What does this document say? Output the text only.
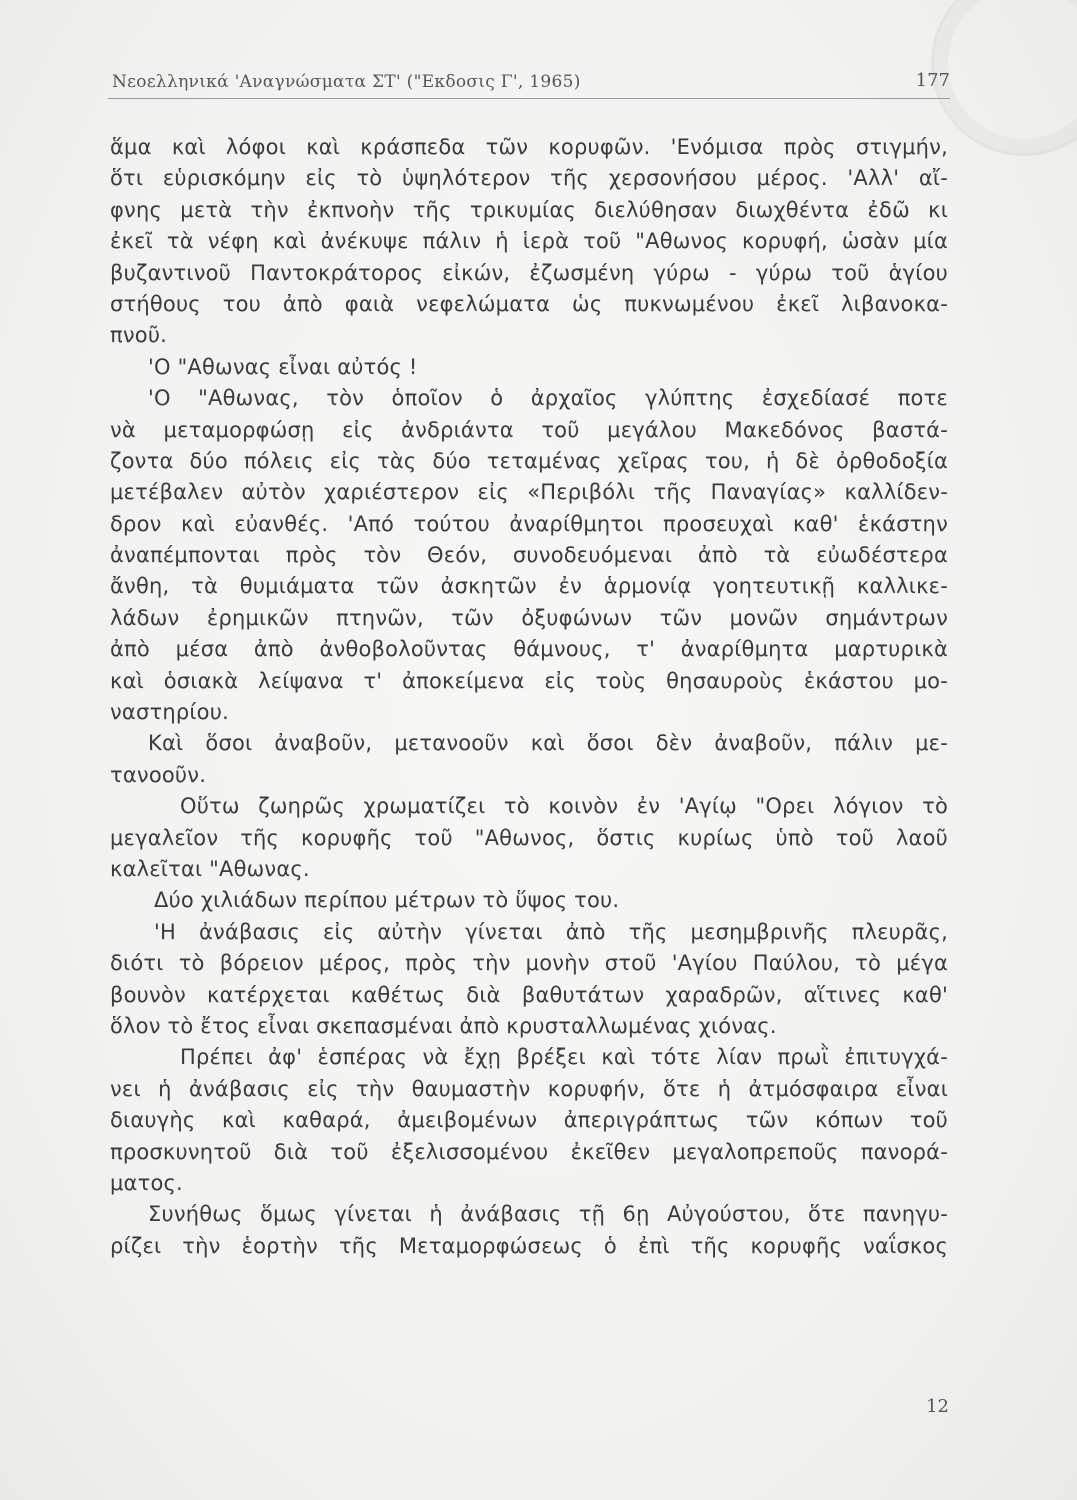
Νεοελληνικά 'Αναγνώσματα ΣΤ' ("Εκδοσις Γ', 1965)	177
ἅμα καὶ λόφοι καὶ κράσπεδα τῶν κορυφῶν. 'Ενόμισα πρὸς στιγμήν,
ὅτι εὑρισκόμην εἰς τὸ ὑψηλότερον τῆς χερσονήσου μέρος. 'Αλλ' αἴ-
φνης μετὰ τὴν ἐκπνοὴν τῆς τρικυμίας διελύθησαν διωχθέντα ἐδῶ κι
ἐκεῖ τὰ νέφη καὶ ἀνέκυψε πάλιν ἡ ἱερὰ τοῦ "Αθωνος κορυφή, ὡσὰν μία
βυζαντινοῦ Παντοκράτορος εἰκών, ἐζωσμένη γύρω - γύρω τοῦ ἁγίου
στήθους του ἀπὸ φαιὰ νεφελώματα ὡς πυκνωμένου ἐκεῖ λιβανοκα-
πνοῦ.
'Ο "Αθωνας εἶναι αὐτός !
'Ο "Αθωνας, τὸν ὁποῖον ὁ ἀρχαῖος γλύπτης ἐσχεδίασέ ποτε
νὰ μεταμορφώσῃ εἰς ἀνδριάντα τοῦ μεγάλου Μακεδόνος βαστά-
ζοντα δύο πόλεις εἰς τὰς δύο τεταμένας χεῖρας του, ἡ δὲ ὀρθοδοξία
μετέβαλεν αὐτὸν χαριέστερον εἰς «Περιβόλι τῆς Παναγίας» καλλίδεν-
δρον καὶ εὐανθές. 'Από τούτου ἀναρίθμητοι προσευχαὶ καθ' ἑκάστην
ἀναπέμπονται πρὸς τὸν Θεόν, συνοδευόμεναι ἀπὸ τὰ εὐωδέστερα
ἄνθη, τὰ θυμιάματα τῶν ἀσκητῶν ἐν ἁρμονίᾳ γοητευτικῇ καλλικε-
λάδων ἐρημικῶν πτηνῶν, τῶν ὀξυφώνων τῶν μονῶν σημάντρων
ἀπὸ μέσα ἀπὸ ἀνθοβολοῦντας θάμνους, τ' ἀναρίθμητα μαρτυρικὰ
καὶ ὁσιακὰ λείψανα τ' ἀποκείμενα εἰς τοὺς θησαυροὺς ἑκάστου μο-
ναστηρίου.
Καὶ ὅσοι ἀναβοῦν, μετανοοῦν καὶ ὅσοι δὲν ἀναβοῦν, πάλιν με-
τανοοῦν.
Οὕτω ζωηρῶς χρωματίζει τὸ κοινὸν ἐν 'Αγίῳ "Ορει λόγιον τὸ
μεγαλεῖον τῆς κορυφῆς τοῦ "Αθωνος, ὅστις κυρίως ὑπὸ τοῦ λαοῦ
καλεῖται "Αθωνας.
Δύο χιλιάδων περίπου μέτρων τὸ ὕψος του.
'Η ἀνάβασις εἰς αὐτὴν γίνεται ἀπὸ τῆς μεσημβρινῆς πλευρᾶς,
διότι τὸ βόρειον μέρος, πρὸς τὴν μονὴν στοῦ 'Αγίου Παύλου, τὸ μέγα
βουνὸν κατέρχεται καθέτως διὰ βαθυτάτων χαραδρῶν, αἵτινες καθ'
ὅλον τὸ ἔτος εἶναι σκεπασμέναι ἀπὸ κρυσταλλωμένας χιόνας.
Πρέπει ἀφ' ἑσπέρας νὰ ἔχῃ βρέξει καὶ τότε λίαν πρωῒ ἐπιτυγχά-
νει ἡ ἀνάβασις εἰς τὴν θαυμαστὴν κορυφήν, ὅτε ἡ ἀτμόσφαιρα εἶναι
διαυγὴς καὶ καθαρά, ἀμειβομένων ἀπεριγράπτως τῶν κόπων τοῦ
προσκυνητοῦ διὰ τοῦ ἐξελισσομένου ἐκεῖθεν μεγαλοπρεποῦς πανορά-
ματος.
Συνήθως ὅμως γίνεται ἡ ἀνάβασις τῇ 6ῃ Αὐγούστου, ὅτε πανηγυ-
ρίζει τὴν ἑορτὴν τῆς Μεταμορφώσεως ὁ ἐπὶ τῆς κορυφῆς ναΐσκος
12
